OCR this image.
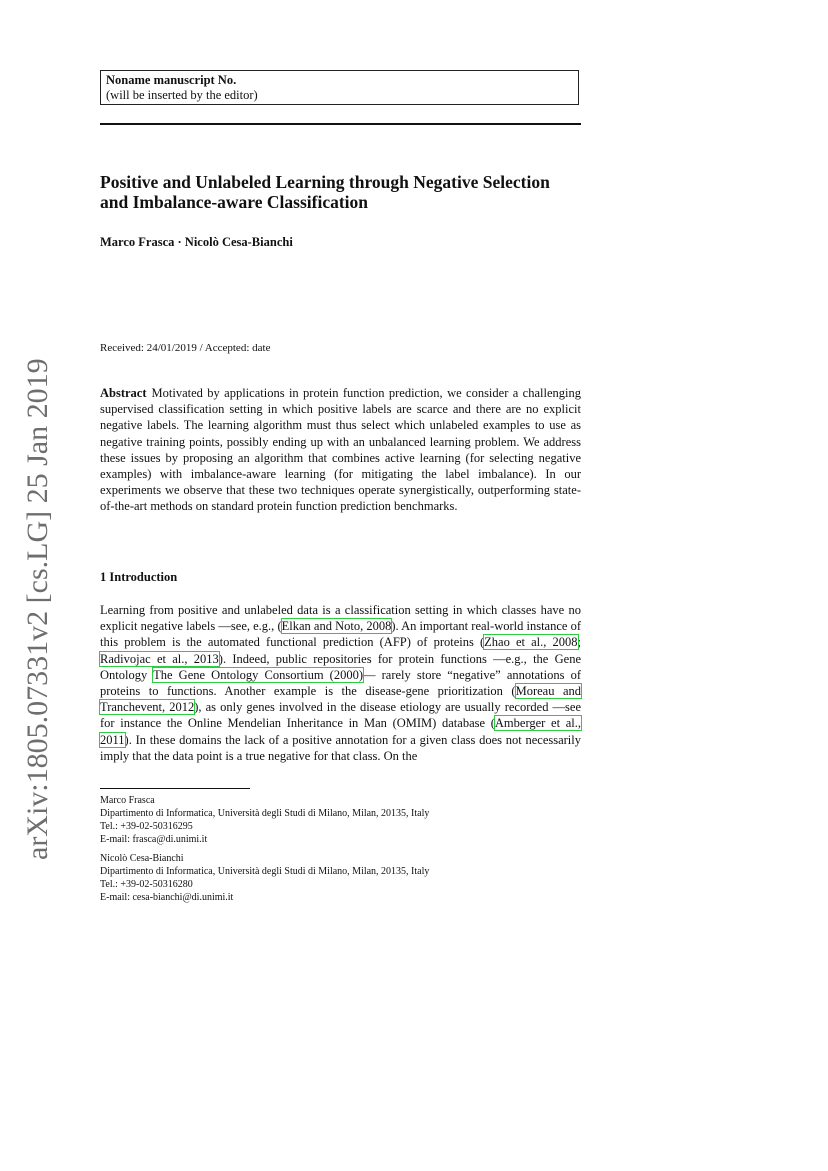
arXiv:1805.07331v2 [cs.LG] 25 Jan 2019
Noname manuscript No.
(will be inserted by the editor)
Positive and Unlabeled Learning through Negative Selection and Imbalance-aware Classification
Marco Frasca · Nicolò Cesa-Bianchi
Received: 24/01/2019 / Accepted: date
Abstract Motivated by applications in protein function prediction, we consider a challenging supervised classification setting in which positive labels are scarce and there are no explicit negative labels. The learning algorithm must thus select which unlabeled examples to use as negative training points, possibly ending up with an unbalanced learning problem. We address these issues by proposing an algorithm that combines active learning (for selecting negative examples) with imbalance-aware learning (for mitigating the label imbalance). In our experiments we observe that these two techniques operate synergistically, outperforming state-of-the-art methods on standard protein function prediction benchmarks.
1 Introduction
Learning from positive and unlabeled data is a classification setting in which classes have no explicit negative labels —see, e.g., (Elkan and Noto, 2008). An important real-world instance of this problem is the automated functional prediction (AFP) of proteins (Zhao et al., 2008; Radivojac et al., 2013). Indeed, public repositories for protein functions —e.g., the Gene Ontology The Gene Ontology Consortium (2000)— rarely store “negative” annotations of proteins to functions. Another example is the disease-gene prioritization (Moreau and Tranchevent, 2012), as only genes involved in the disease etiology are usually recorded —see for instance the Online Mendelian Inheritance in Man (OMIM) database (Amberger et al., 2011). In these domains the lack of a positive annotation for a given class does not necessarily imply that the data point is a true negative for that class. On the
Marco Frasca
Dipartimento di Informatica, Università degli Studi di Milano, Milan, 20135, Italy
Tel.: +39-02-50316295
E-mail: frasca@di.unimi.it
Nicolò Cesa-Bianchi
Dipartimento di Informatica, Università degli Studi di Milano, Milan, 20135, Italy
Tel.: +39-02-50316280
E-mail: cesa-bianchi@di.unimi.it
